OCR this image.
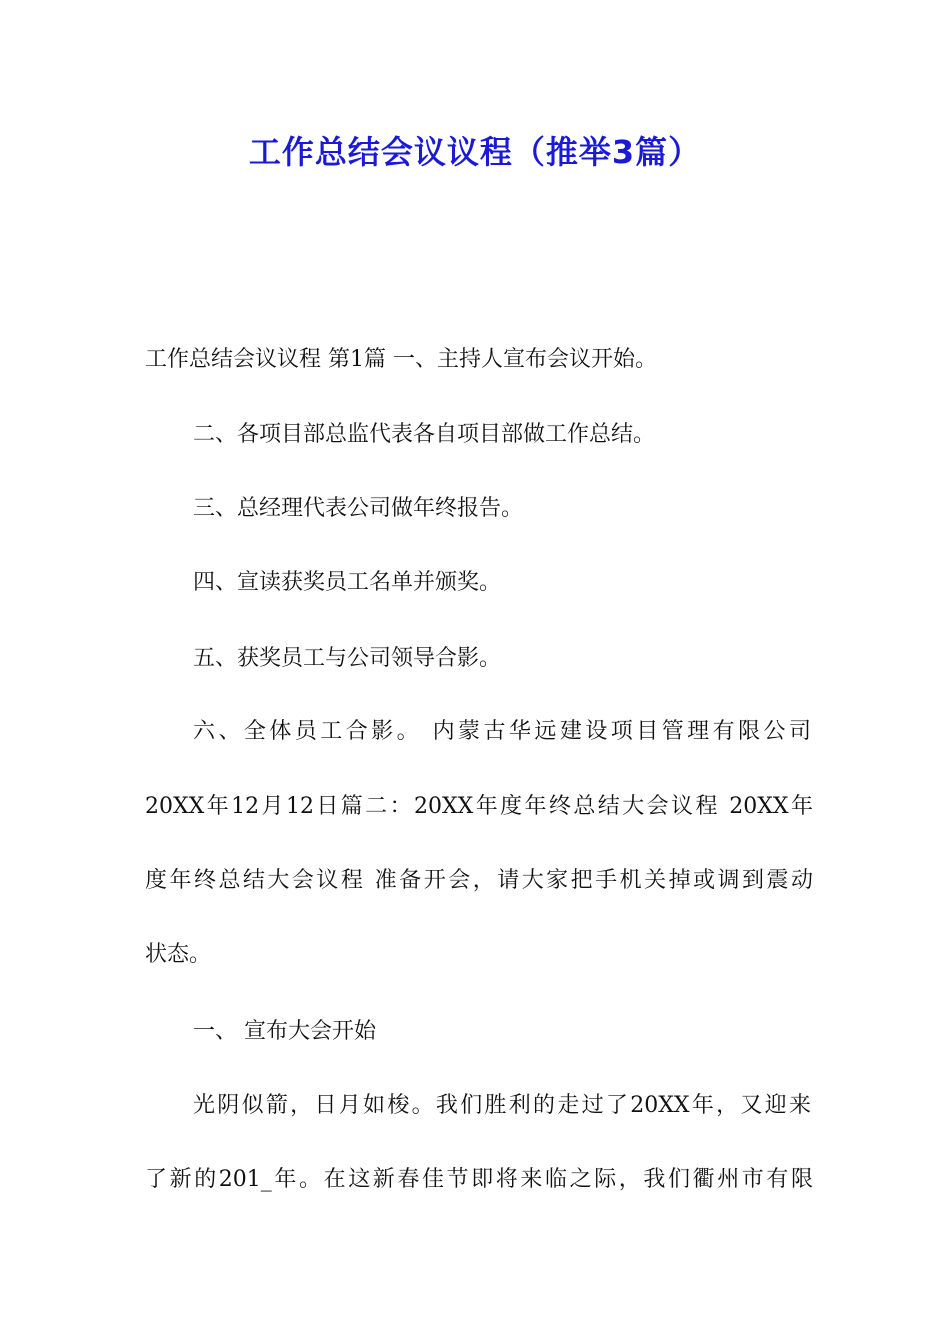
工作总结会议议程（推举3篇）
工作总结会议议程 第1篇 一、主持人宣布会议开始。
二、各项目部总监代表各自项目部做工作总结。
三、总经理代表公司做年终报告。
四、宣读获奖员工名单并颁奖。
五、获奖员工与公司领导合影。
六、全体员工合影。 内蒙古华远建设项目管理有限公司
20XX年12月12日篇二：20XX年度年终总结大会议程 20XX年
度年终总结大会议程 准备开会，请大家把手机关掉或调到震动
状态。
一、 宣布大会开始
光阴似箭，日月如梭。我们胜利的走过了20XX年，又迎来
了新的201_年。在这新春佳节即将来临之际，我们衢州市有限
